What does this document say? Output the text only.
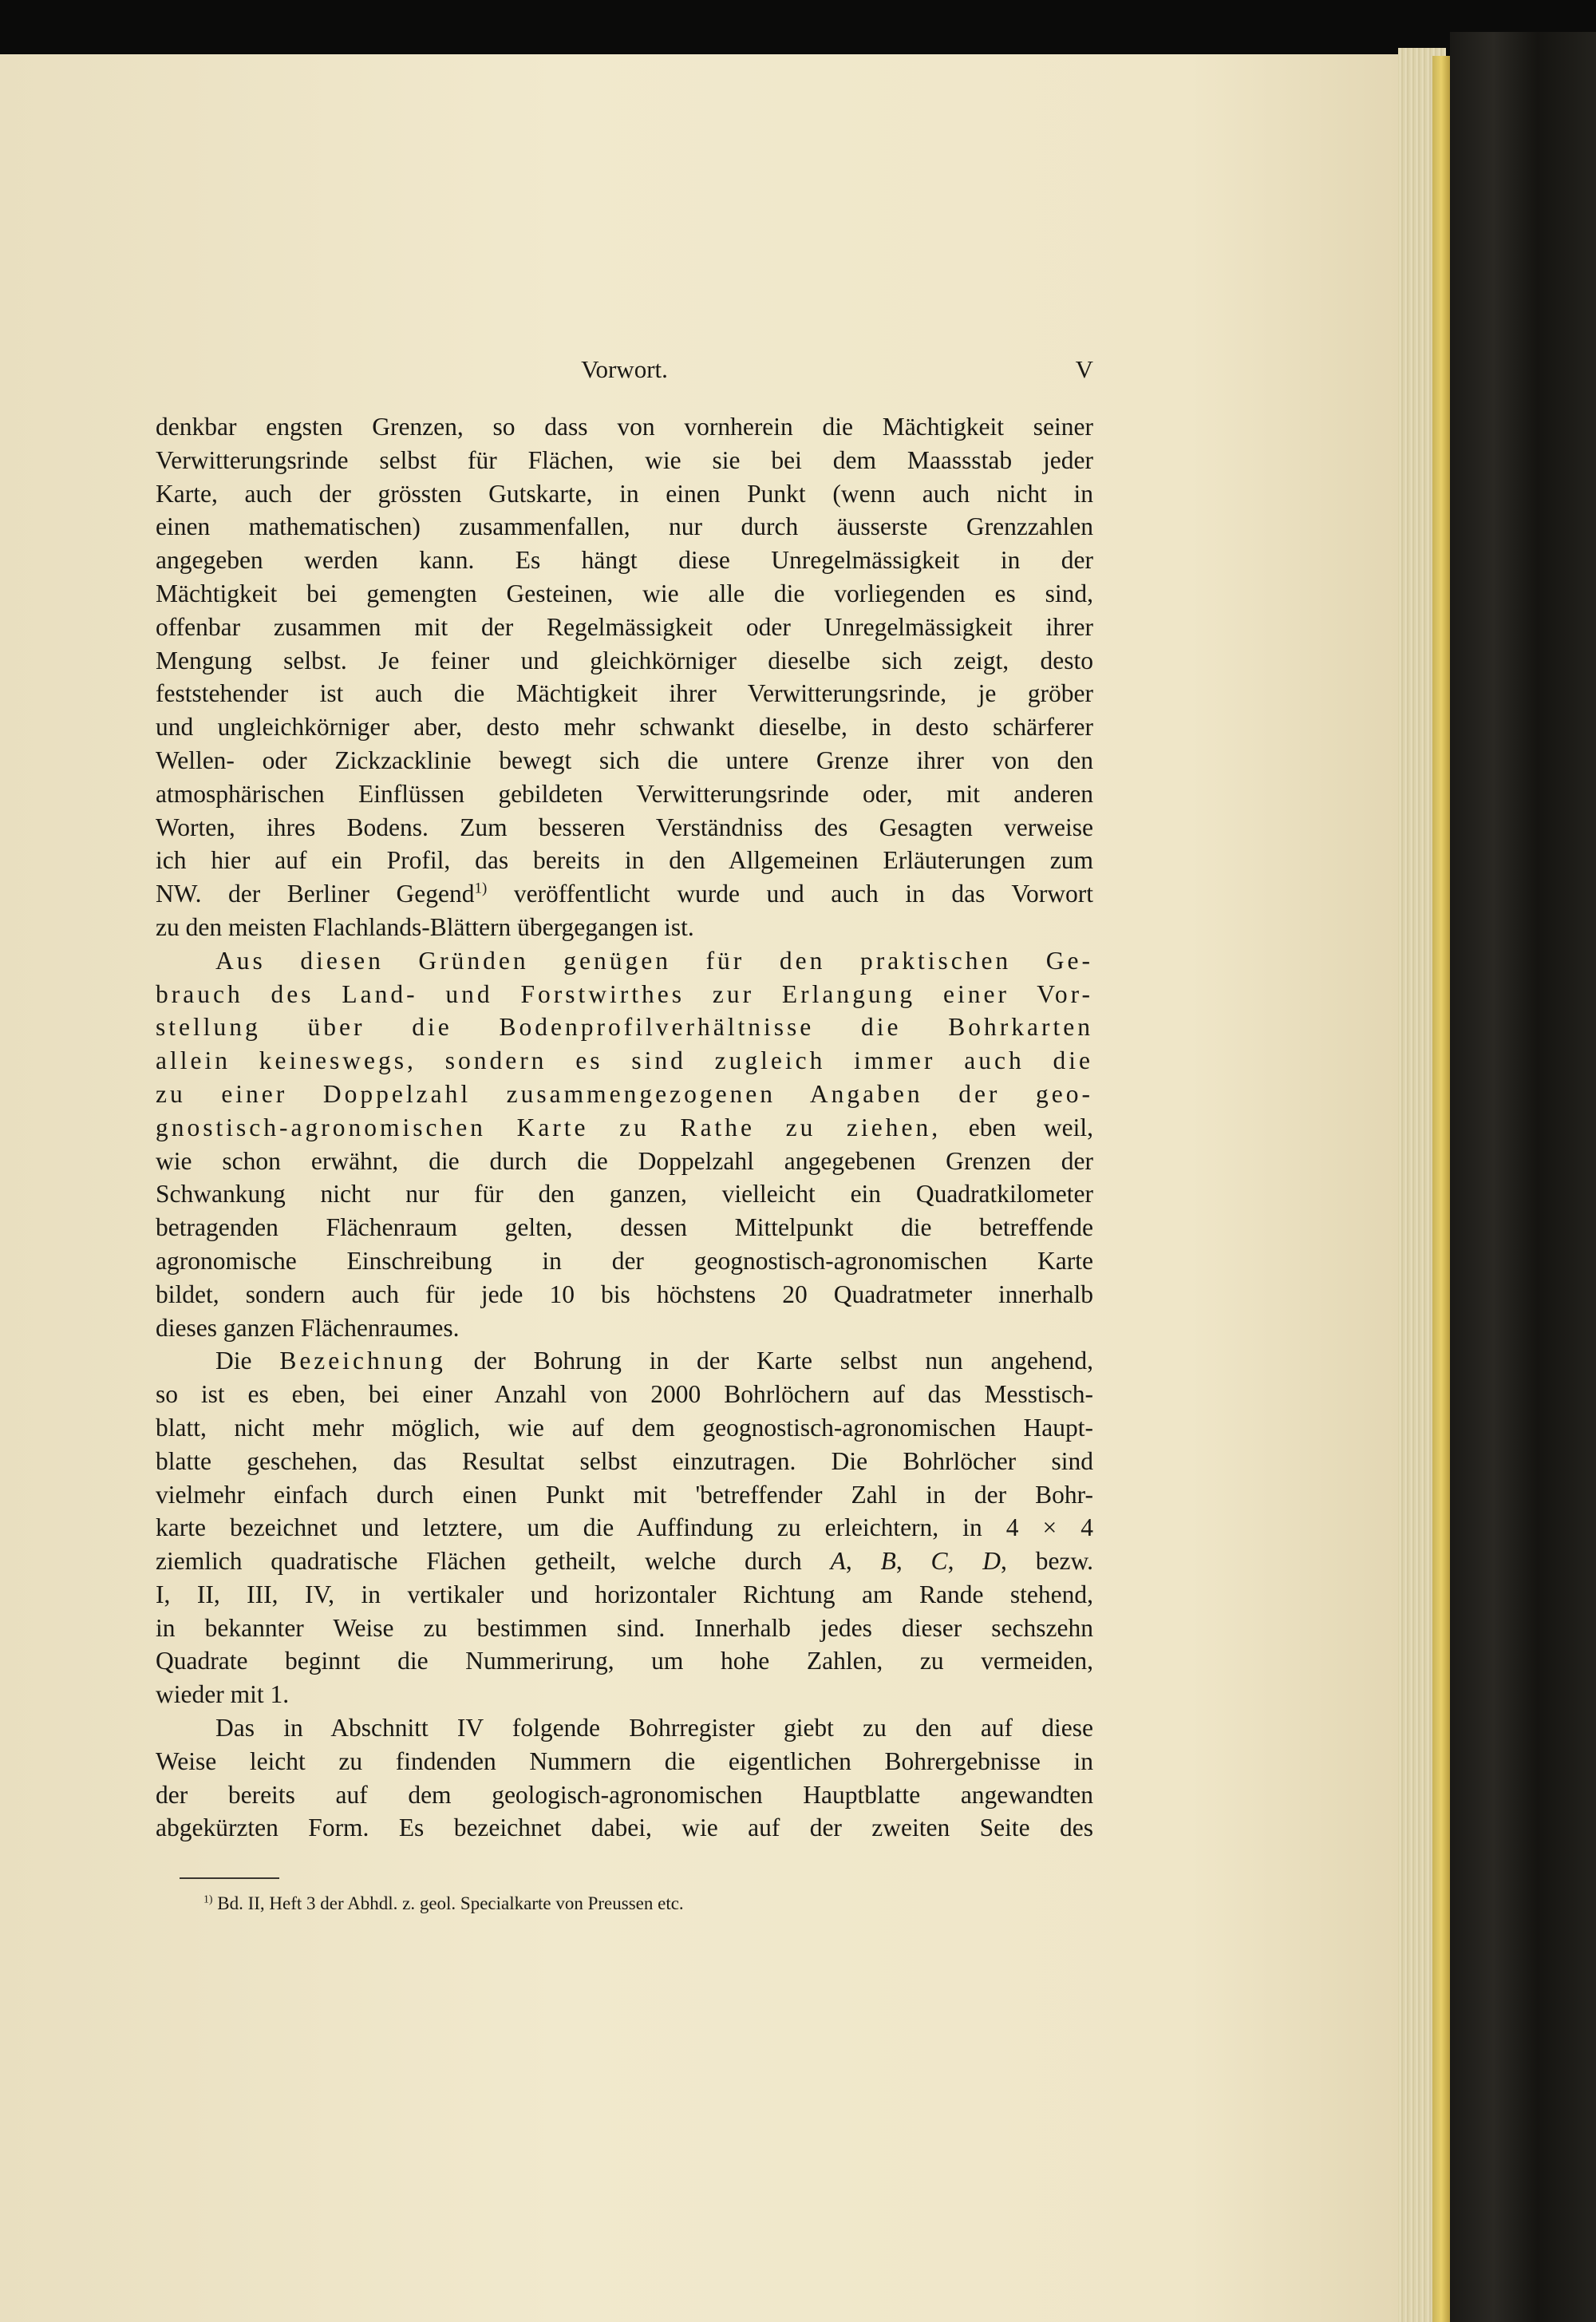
Vorwort.	V
denkbar engsten Grenzen, so dass von vornherein die Mächtigkeit seiner
Verwitterungsrinde selbst für Flächen, wie sie bei dem Maassstab jeder
Karte, auch der grössten Gutskarte, in einen Punkt (wenn auch nicht in
einen mathematischen) zusammenfallen, nur durch äusserste Grenzzahlen
angegeben werden kann. Es hängt diese Unregelmässigkeit in der
Mächtigkeit bei gemengten Gesteinen, wie alle die vorliegenden es sind,
offenbar zusammen mit der Regelmässigkeit oder Unregelmässigkeit ihrer
Mengung selbst. Je feiner und gleichkörniger dieselbe sich zeigt, desto
feststehender ist auch die Mächtigkeit ihrer Verwitterungsrinde, je gröber
und ungleichkörniger aber, desto mehr schwankt dieselbe, in desto schärferer
Wellen- oder Zickzacklinie bewegt sich die untere Grenze ihrer von den
atmosphärischen Einflüssen gebildeten Verwitterungsrinde oder, mit anderen
Worten, ihres Bodens. Zum besseren Verständniss des Gesagten verweise
ich hier auf ein Profil, das bereits in den Allgemeinen Erläuterungen zum
NW. der Berliner Gegend$^{1)}$ veröffentlicht wurde und auch in das Vorwort
zu den meisten Flachlands-Blättern übergegangen ist.
Aus diesen Gründen genügen für den praktischen Ge-
brauch des Land- und Forstwirthes zur Erlangung einer Vor-
stellung über die Bodenprofilverhältnisse die Bohrkarten
allein keineswegs, sondern es sind zugleich immer auch die
zu einer Doppelzahl zusammengezogenen Angaben der geo-
gnostisch-agronomischen Karte zu Rathe zu ziehen, eben weil,
wie schon erwähnt, die durch die Doppelzahl angegebenen Grenzen der
Schwankung nicht nur für den ganzen, vielleicht ein Quadratkilometer
betragenden Flächenraum gelten, dessen Mittelpunkt die betreffende
agronomische Einschreibung in der geognostisch-agronomischen Karte
bildet, sondern auch für jede 10 bis höchstens 20 Quadratmeter innerhalb
dieses ganzen Flächenraumes.
Die Bezeichnung der Bohrung in der Karte selbst nun angehend,
so ist es eben, bei einer Anzahl von 2000 Bohrlöchern auf das Messtisch-
blatt, nicht mehr möglich, wie auf dem geognostisch-agronomischen Haupt-
blatte geschehen, das Resultat selbst einzutragen. Die Bohrlöcher sind
vielmehr einfach durch einen Punkt mit 'betreffender Zahl in der Bohr-
karte bezeichnet und letztere, um die Auffindung zu erleichtern, in 4 × 4
ziemlich quadratische Flächen getheilt, welche durch A, B, C, D, bezw.
I, II, III, IV, in vertikaler und horizontaler Richtung am Rande stehend,
in bekannter Weise zu bestimmen sind. Innerhalb jedes dieser sechszehn
Quadrate beginnt die Nummerirung, um hohe Zahlen, zu vermeiden,
wieder mit 1.
Das in Abschnitt IV folgende Bohrregister giebt zu den auf diese
Weise leicht zu findenden Nummern die eigentlichen Bohrergebnisse in
der bereits auf dem geologisch-agronomischen Hauptblatte angewandten
abgekürzten Form. Es bezeichnet dabei, wie auf der zweiten Seite des
$^{1)}$ Bd. II, Heft 3 der Abhdl. z. geol. Specialkarte von Preussen etc.
